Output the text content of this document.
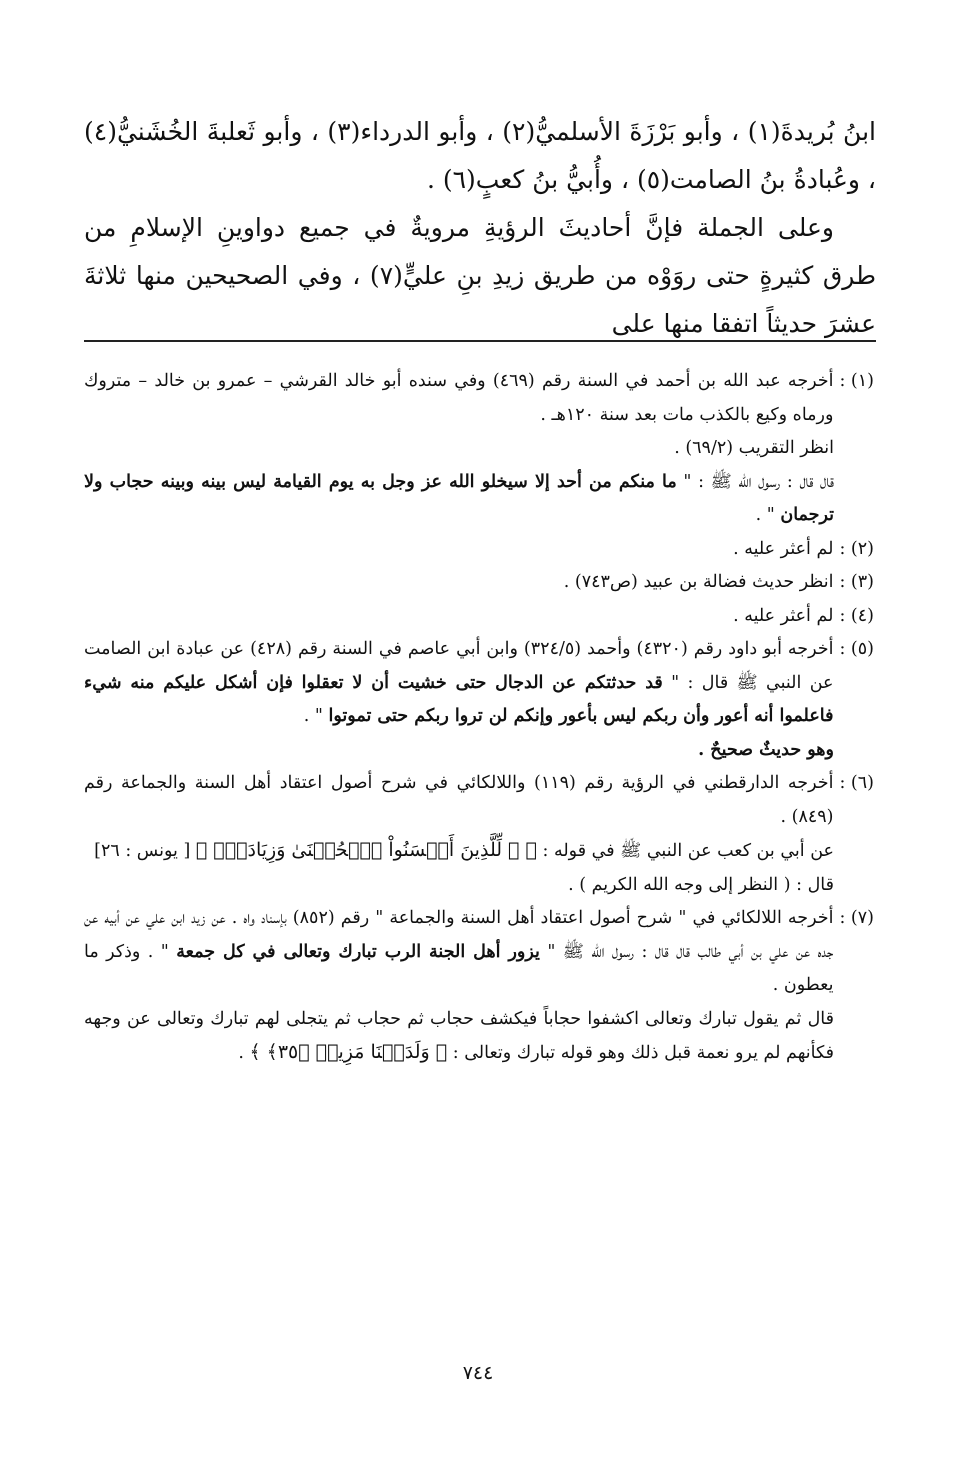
ابنُ بُريدةَ(١) ، وأبو بَرْزَةَ الأسلميُّ(٢) ، وأبو الدرداء(٣) ، وأبو ثَعلبةَ الخُشَنيُّ(٤) ، وعُبادةُ بنُ الصامت(٥) ، وأُبيُّ بنُ كعبٍ(٦) .

وعلى الجملة فإنَّ أحاديثَ الرؤيةِ مرويةٌ في جميع دواوينِ الإسلامِ من طرق كثيرةٍ حتى روَوْه من طريق زيدِ بنِ عليٍّ(٧) ، وفي الصحيحين منها ثلاثةَ عشرَ حديثاً اتفقا منها على

(١) :
أخرجه عبد الله بن أحمد في السنة رقم (٤٦٩) وفي سنده أبو خالد القرشي – عمرو بن خالد – متروك ورماه وكيع بالكذب مات بعد سنة ١٢٠هـ .

انظر التقريب (٦٩/٢) .

قال قال : رسول الله ﷺ : " ما منكم من أحد إلا سيخلو الله عز وجل به يوم القيامة ليس بينه وبينه حجاب ولا ترجمان " .

(٢) :
لم أعثر عليه .
(٣) :
انظر حديث فضالة بن عبيد (ص٧٤٣) .
(٤) :
لم أعثر عليه .
(٥) :
أخرجه أبو داود رقم (٤٣٢٠) وأحمد (٣٢٤/٥) وابن أبي عاصم في السنة رقم (٤٢٨) عن عبادة ابن الصامت عن النبي ﷺ قال : " قد حدثتكم عن الدجال حتى خشيت أن لا تعقلوا فإن أشكل عليكم منه شيء فاعلموا أنه أعور وأن ربكم ليس بأعور وإنكم لن تروا ربكم حتى تموتوا " .

وهو حديثٌ صحيحٌ .

(٦) :
أخرجه الدارقطني في الرؤية رقم (١١٩) واللالكائي في شرح أصول اعتقاد أهل السنة والجماعة رقم (٨٤٩) .

عن أبي بن كعب عن النبي ﷺ في قوله : ﴿ ۞ لِّلَّذِينَ أَحۡسَنُواْ ٱلۡحُسۡنَىٰ وَزِيَادَةٞۖ ﴾ [ يونس : ٢٦]

قال : ( النظر إلى وجه الله الكريم ) .

(٧) :
أخرجه اللالكائي في " شرح أصول اعتقاد أهل السنة والجماعة " رقم (٨٥٢) بإسناد واه . عن زيد ابن علي عن أبيه عن جده عن علي بن أبي طالب قال قال : رسول الله ﷺ " يزور أهل الجنة الرب تبارك وتعالى في كل جمعة " . وذكر ما يعطون .

قال ثم يقول تبارك وتعالى اكشفوا حجاباً فيكشف حجاب ثم حجاب ثم يتجلى لهم تبارك وتعالى عن وجهه فكأنهم لم يرو نعمة قبل ذلك وهو قوله تبارك وتعالى : ﴿ وَلَدَيۡنَا مَزِيدٞ ﴿٣٥﴾ ﴾ .

٧٤٤
